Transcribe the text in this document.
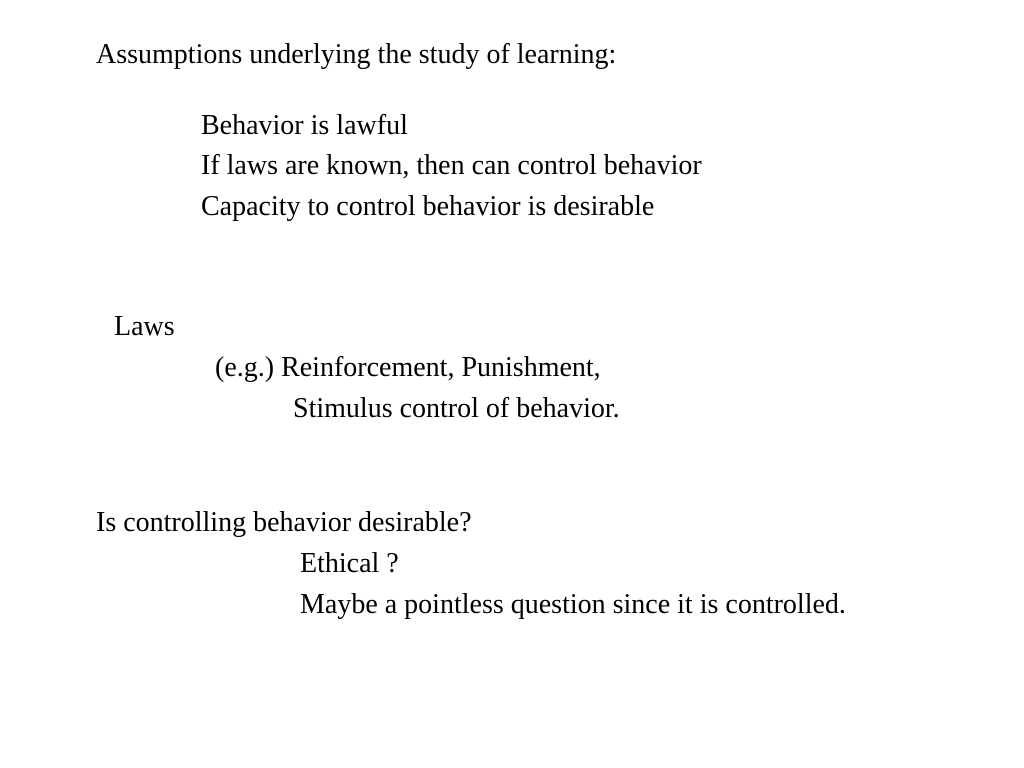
Assumptions underlying the study of learning:

Behavior is lawful

If laws are known, then can control behavior

Capacity to control behavior is desirable

Laws

(e.g.) Reinforcement, Punishment,

Stimulus control of behavior.

Is controlling behavior desirable?

Ethical ?

Maybe a pointless question since it is controlled.
